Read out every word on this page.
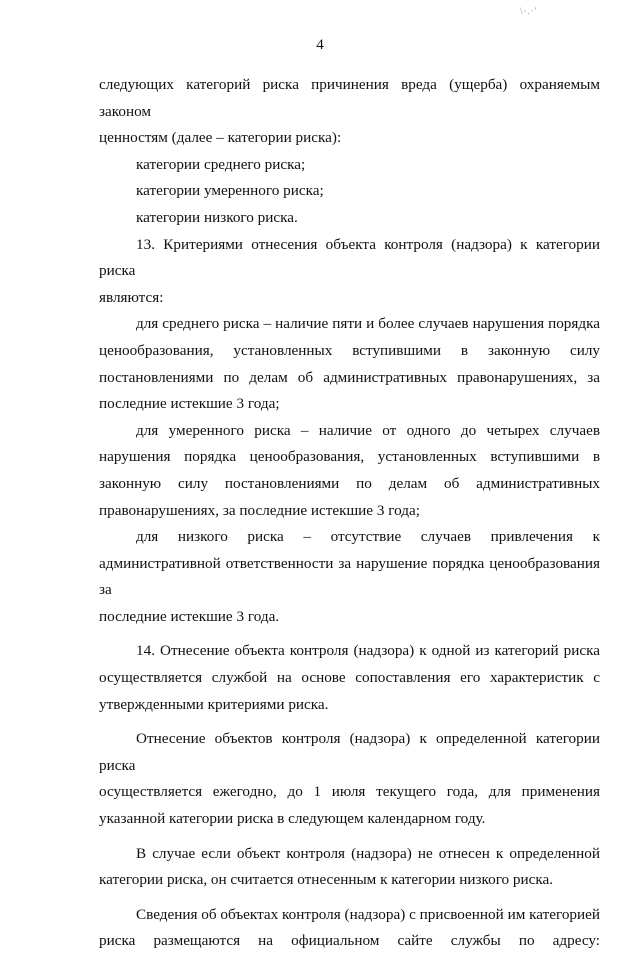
\·.·'
4

следующих категорий риска причинения вреда (ущерба) охраняемым законом

ценностям (далее – категории риска):

категории среднего риска;

категории умеренного риска;

категории низкого риска.

13. Критериями отнесения объекта контроля (надзора) к категории риска

являются:

для среднего риска – наличие пяти и более случаев нарушения порядка

ценообразования, установленных вступившими в законную силу

постановлениями по делам об административных правонарушениях, за

последние истекшие 3 года;

для умеренного риска – наличие от одного до четырех случаев

нарушения порядка ценообразования, установленных вступившими в

законную силу постановлениями по делам об административных

правонарушениях, за последние истекшие 3 года;

для низкого риска – отсутствие случаев привлечения к

административной ответственности за нарушение порядка ценообразования за

последние истекшие 3 года.

14. Отнесение объекта контроля (надзора) к одной из категорий риска

осуществляется службой на основе сопоставления его характеристик с

утвержденными критериями риска.

Отнесение объектов контроля (надзора) к определенной категории риска

осуществляется ежегодно, до 1 июля текущего года, для применения

указанной категории риска в следующем календарном году.

В случае если объект контроля (надзора) не отнесен к определенной

категории риска, он считается отнесенным к категории низкого риска.

Сведения об объектах контроля (надзора) с присвоенной им категорией

риска размещаются на официальном сайте службы по адресу:
